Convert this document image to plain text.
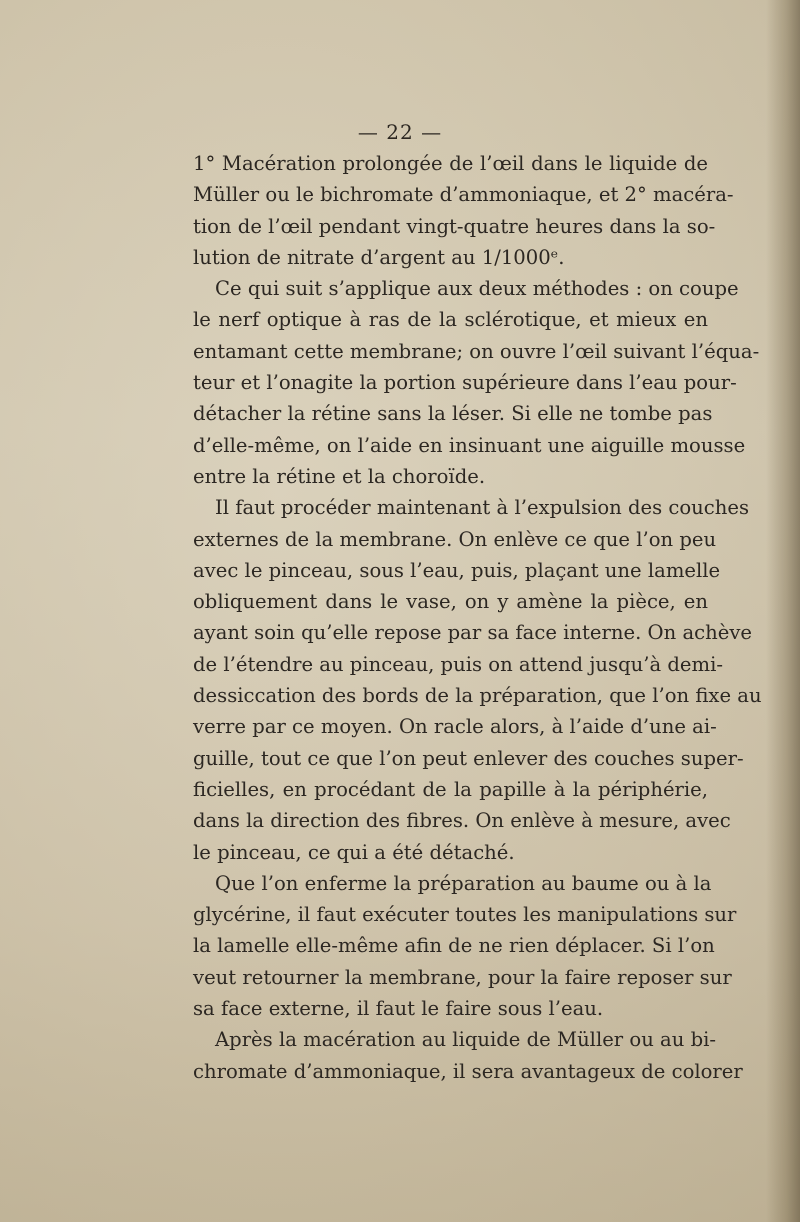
— 22 —
1° Macération prolongée de l’œil dans le liquide de
Müller ou le bichromate d’ammoniaque, et 2° macéra-
tion de l’œil pendant vingt-quatre heures dans la so-
lution de nitrate d’argent au 1/1000ᵉ.
Ce qui suit s’applique aux deux méthodes : on coupe
le nerf optique à ras de la sclérotique, et mieux en
entamant cette membrane; on ouvre l’œil suivant l’équa-
teur et l’onagite la portion supérieure dans l’eau pour-
détacher la rétine sans la léser. Si elle ne tombe pas
d’elle-même, on l’aide en insinuant une aiguille mousse
entre la rétine et la choroïde.
Il faut procéder maintenant à l’expulsion des couches
externes de la membrane. On enlève ce que l’on peu
avec le pinceau, sous l’eau, puis, plaçant une lamelle
obliquement dans le vase, on y amène la pièce, en
ayant soin qu’elle repose par sa face interne. On achève
de l’étendre au pinceau, puis on attend jusqu’à demi-
dessiccation des bords de la préparation, que l’on fixe au
verre par ce moyen. On racle alors, à l’aide d’une ai-
guille, tout ce que l’on peut enlever des couches super-
ficielles, en procédant de la papille à la périphérie,
dans la direction des fibres. On enlève à mesure, avec
le pinceau, ce qui a été détaché.
Que l’on enferme la préparation au baume ou à la
glycérine, il faut exécuter toutes les manipulations sur
la lamelle elle-même afin de ne rien déplacer. Si l’on
veut retourner la membrane, pour la faire reposer sur
sa face externe, il faut le faire sous l’eau.
Après la macération au liquide de Müller ou au bi-
chromate d’ammoniaque, il sera avantageux de colorer
